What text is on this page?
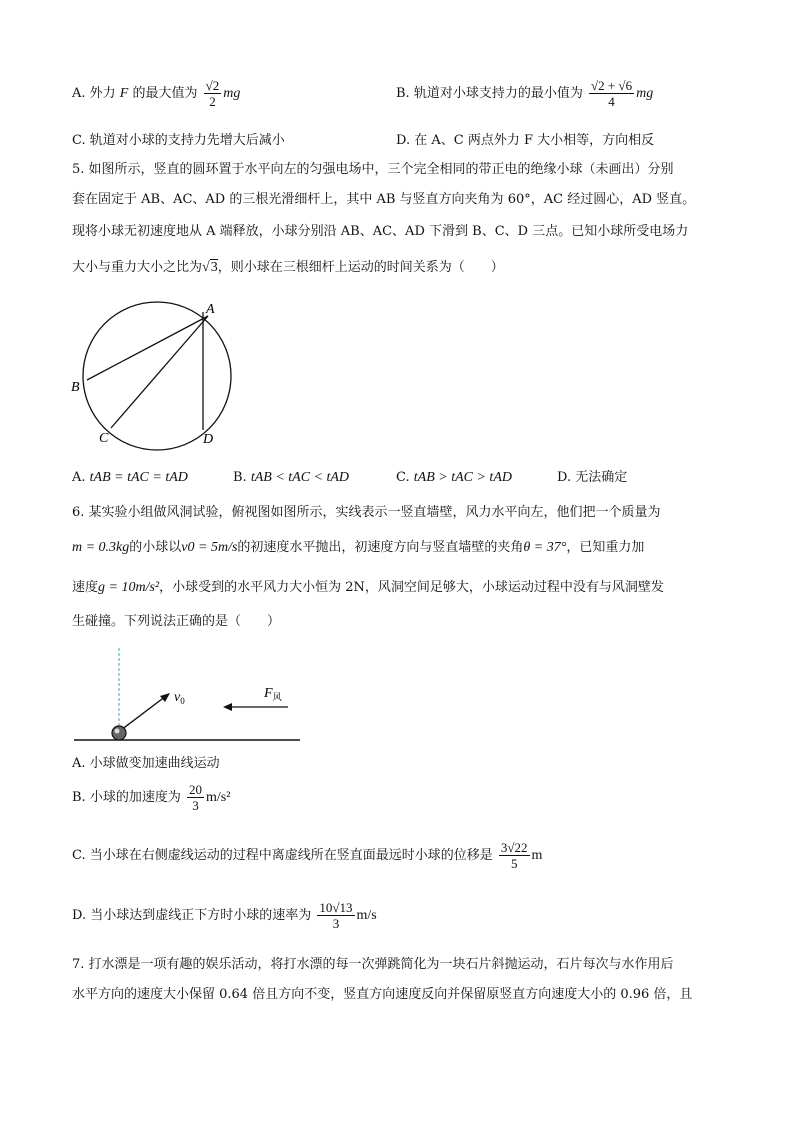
A. 外力 F 的最大值为 $\frac{√2}{2}$ mg	B. 轨道对小球支持力的最小值为 $\frac{√2 + √6}{4}$ mg
C. 轨道对小球的支持力先增大后减小	D. 在 A、C 两点外力 F 大小相等，方向相反
5. 如图所示，竖直的圆环置于水平向左的匀强电场中，三个完全相同的带正电的绝缘小球（未画出）分别
套在固定于 AB、AC、AD 的三根光滑细杆上，其中 AB 与竖直方向夹角为 60°，AC 经过圆心，AD 竖直。
现将小球无初速度地从 A 端释放，小球分别沿 AB、AC、AD 下滑到 B、C、D 三点。已知小球所受电场力
大小与重力大小之比为√3，则小球在三根细杆上运动的时间关系为（　　）
A
B
C	D
A. tAB = tAC = tAD	B. tAB < tAC < tAD	C. tAB > tAC > tAD	D. 无法确定
6. 某实验小组做风洞试验，俯视图如图所示，实线表示一竖直墙壁，风力水平向左，他们把一个质量为
m = 0.3kg的小球以v0 = 5m/s的初速度水平抛出，初速度方向与竖直墙壁的夹角θ = 37°，已知重力加
速度g = 10m/s²，小球受到的水平风力大小恒为 2N，风洞空间足够大，小球运动过程中没有与风洞壁发
生碰撞。下列说法正确的是（　　）
$v_0$	$F_风$
A. 小球做变加速曲线运动
B. 小球的加速度为 $\frac{20}{3} m/s^2$
C. 当小球在右侧虚线运动的过程中离虚线所在竖直面最远时小球的位移是 $\frac{3√22}{5}$ m
D. 当小球达到虚线正下方时小球的速率为 $\frac{10√13}{3} m/s$
7. 打水漂是一项有趣的娱乐活动，将打水漂的每一次弹跳简化为一块石片斜抛运动，石片每次与水作用后
水平方向的速度大小保留 0.64 倍且方向不变，竖直方向速度反向并保留原竖直方向速度大小的 0.96 倍，且
